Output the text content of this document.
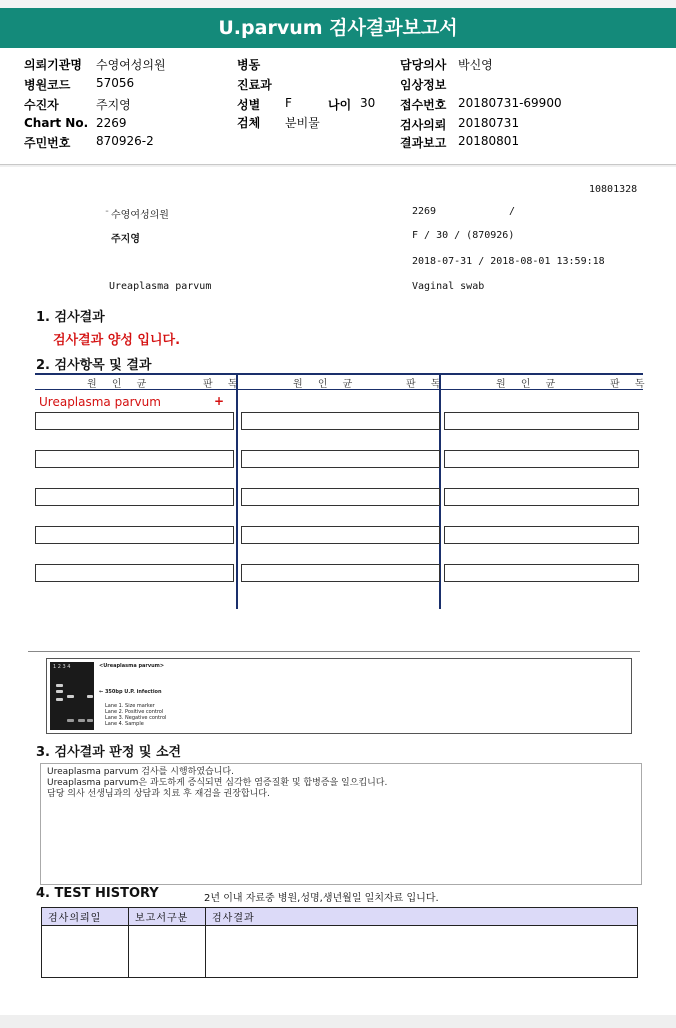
U.parvum 검사결과보고서
의뢰기관명 수영여성의원
병원코드 57056
수진자	주지영
Chart No. 2269
주민번호 870926-2
병동
진료과
성별 F	나이 30
검체 분비물
담당의사 박신영
임상정보
접수번호 20180731-69900
검사의뢰 20180731
결과보고 20180801
10801328
- 수영여성의원	2269	/
주지영	F / 30 / (870926)
2018-07-31 / 2018-08-01 13:59:18
Ureaplasma parvum	Vaginal swab
1. 검사결과
검사결과 양성 입니다.
2. 검사항목 및 결과
원 인 균	판 독	원 인 균	판 독	원 인 균	판 독
Ureaplasma parvum	+
1 2 3 4	<Ureaplasma parvum>
← 350bp U.P. infection
Lane 1. Size marker
Lane 2. Positive control
Lane 3. Negative control
Lane 4. Sample
3. 검사결과 판정 및 소견
Ureaplasma parvum 검사를 시행하였습니다.
Ureaplasma parvum은 과도하게 증식되면 심각한 염증질환 및 합병증을 일으킵니다.
담당 의사 선생님과의 상담과 치료 후 재검을 권장합니다.
4. TEST HISTORY	2년 이내 자료중 병원,성명,생년월일 일치자료 입니다.
검사의뢰일	보고서구분	검사결과
